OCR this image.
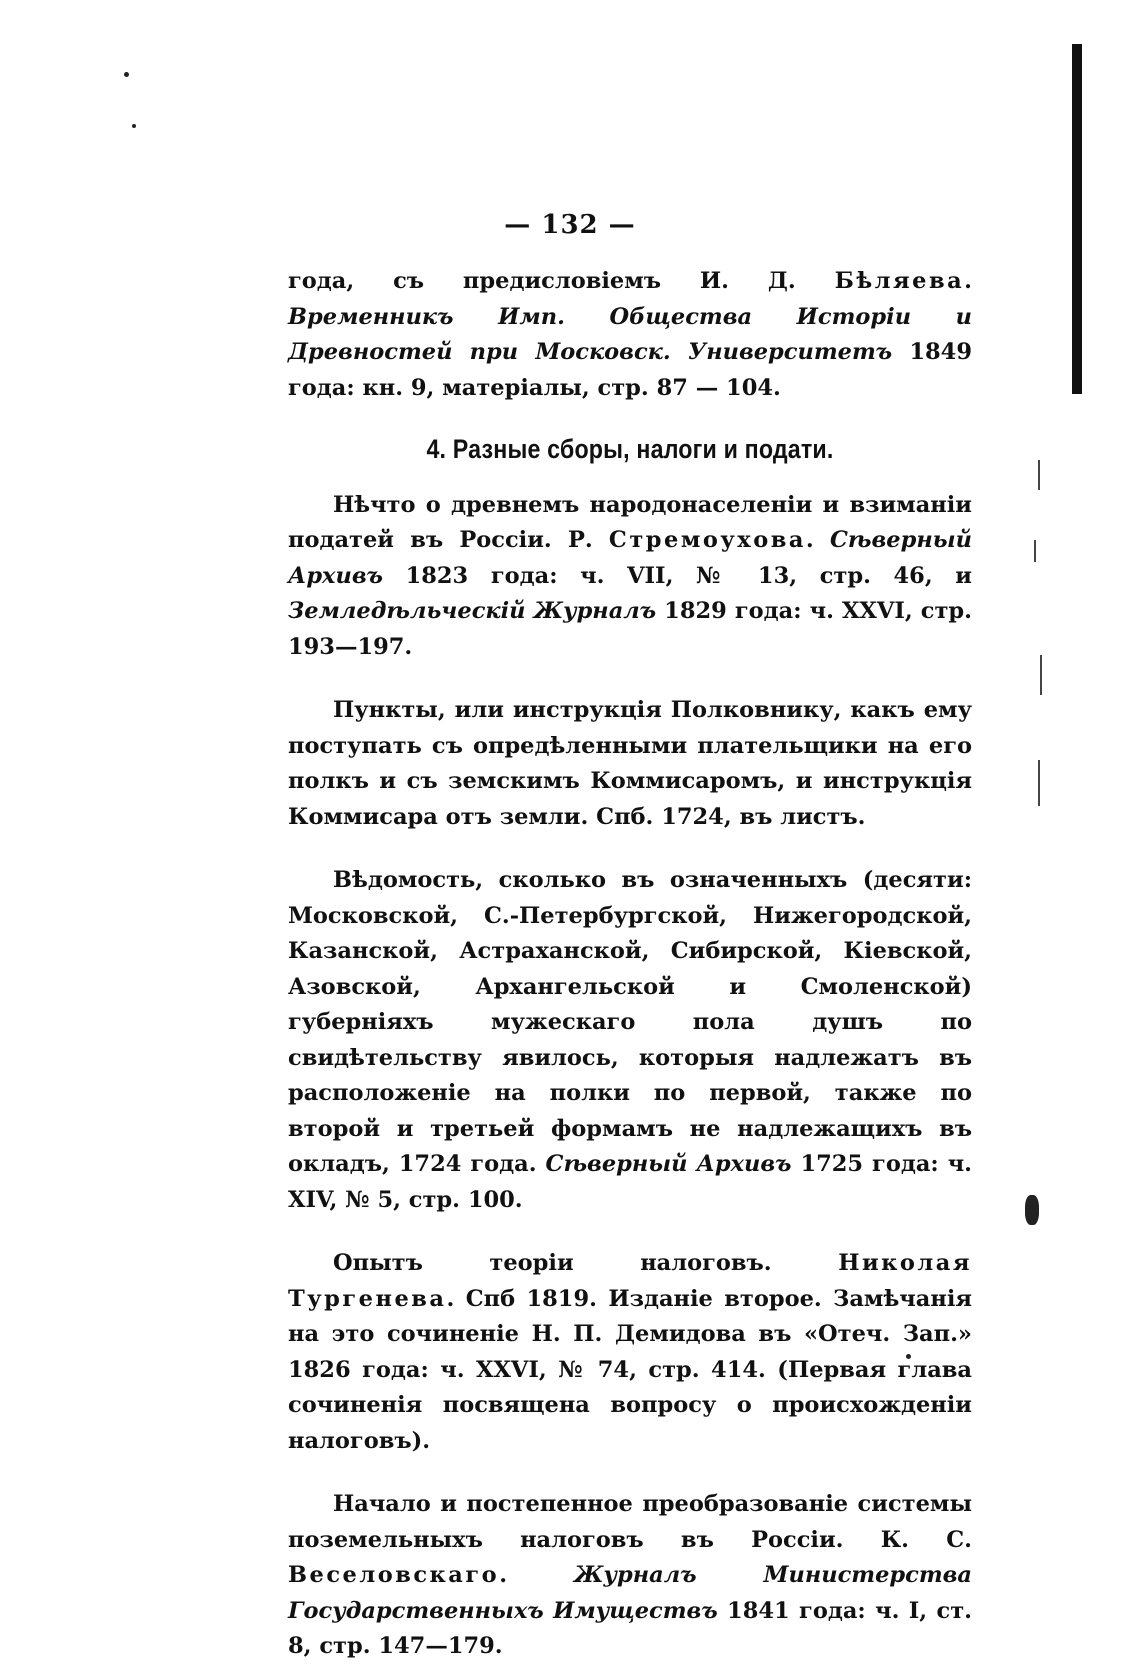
— 132 —

года, съ предисловіемъ И. Д. Бѣляева. Временникъ Имп. Общества Исторіи и Древностей при Московск. Университетъ 1849 года: кн. 9, матеріалы, стр. 87 — 104.

4. Разные сборы, налоги и подати.

Нѣчто о древнемъ народонаселеніи и взиманіи податей въ Россіи. Р. Стремоухова. Сѣверный Архивъ 1823 года: ч. VII, № 13, стр. 46, и Земледѣльческій Журналъ 1829 года: ч. XXVI, стр. 193—197.

Пункты, или инструкція Полковнику, какъ ему поступать съ опредѣленными плательщики на его полкъ и съ земскимъ Коммисаромъ, и инструкція Коммисара отъ земли. Спб. 1724, въ листъ.

Вѣдомость, сколько въ означенныхъ (десяти: Московской, С.-Петербургской, Нижегородской, Казанской, Астраханской, Сибирской, Кіевской, Азовской, Архангельской и Смоленской) губерніяхъ мужескаго пола душъ по свидѣтельству явилось, которыя надлежатъ въ расположеніе на полки по первой, также по второй и третьей формамъ не надлежащихъ въ окладъ, 1724 года. Сѣверный Архивъ 1725 года: ч. XIV, № 5, стр. 100.

Опытъ теоріи налоговъ. Николая Тургенева. Спб 1819. Изданіе второе. Замѣчанія на это сочиненіе Н. П. Демидова въ «Отеч. Зап.» 1826 года: ч. XXVI, № 74, стр. 414. (Первая глава сочиненія посвящена вопросу о происхожденіи налоговъ).

Начало и постепенное преобразованіе системы поземельныхъ налоговъ въ Россіи. К. С. Веселовскаго. Журналъ Министерства Государственныхъ Имуществъ 1841 года: ч. I, ст. 8, стр. 147—179.
